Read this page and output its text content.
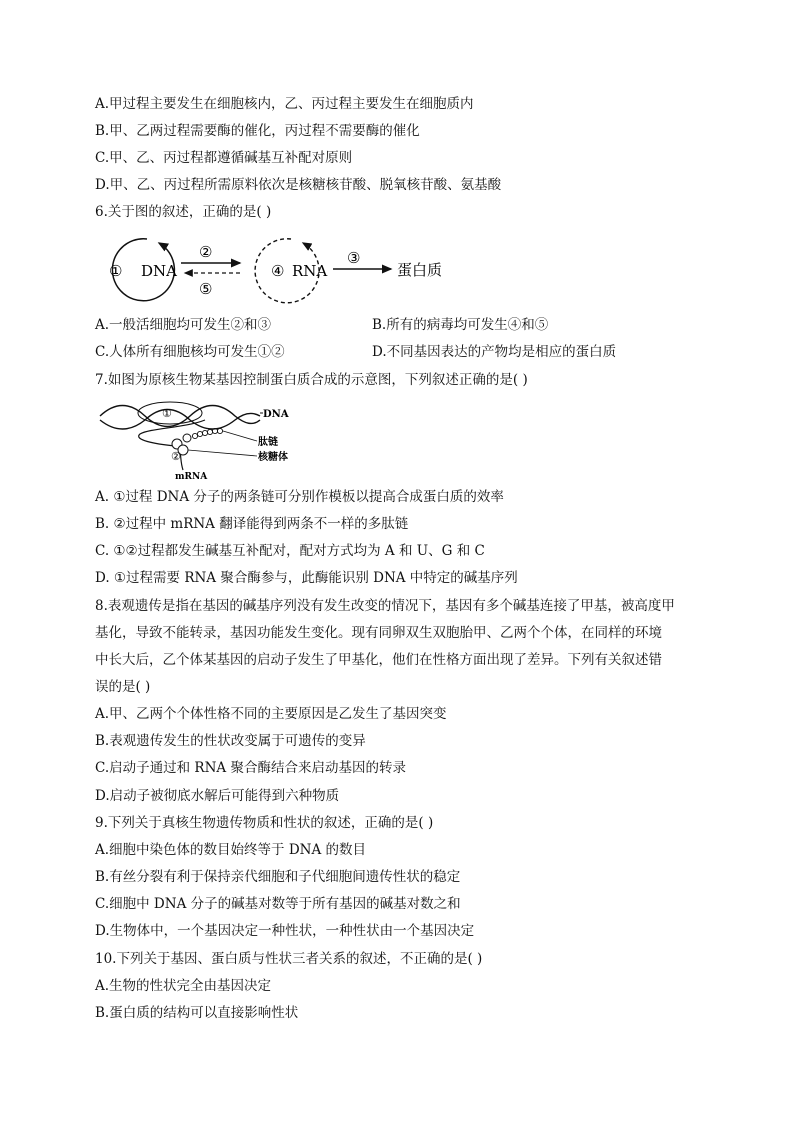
A.甲过程主要发生在细胞核内，乙、丙过程主要发生在细胞质内
B.甲、乙两过程需要酶的催化，丙过程不需要酶的催化
C.甲、乙、丙过程都遵循碱基互补配对原则
D.甲、乙、丙过程所需原料依次是核糖核苷酸、脱氧核苷酸、氨基酸
6.关于图的叙述，正确的是( )
① DNA
②
⑤
④ RNA
③
蛋白质
A.一般活细胞均可发生②和③	B.所有的病毒均可发生④和⑤
C.人体所有细胞核均可发生①②	D.不同基因表达的产物均是相应的蛋白质
7.如图为原核生物某基因控制蛋白质合成的示意图，下列叙述正确的是( )
①	DNA
肽链
核糖体
②
mRNA
A. ①过程 DNA 分子的两条链可分别作模板以提高合成蛋白质的效率
B. ②过程中 mRNA 翻译能得到两条不一样的多肽链
C. ①②过程都发生碱基互补配对，配对方式均为 A 和 U、G 和 C
D. ①过程需要 RNA 聚合酶参与，此酶能识别 DNA 中特定的碱基序列
8.表观遗传是指在基因的碱基序列没有发生改变的情况下，基因有多个碱基连接了甲基，被高度甲
基化，导致不能转录，基因功能发生变化。现有同卵双生双胞胎甲、乙两个个体，在同样的环境
中长大后，乙个体某基因的启动子发生了甲基化，他们在性格方面出现了差异。下列有关叙述错
误的是( )
A.甲、乙两个个体性格不同的主要原因是乙发生了基因突变
B.表观遗传发生的性状改变属于可遗传的变异
C.启动子通过和 RNA 聚合酶结合来启动基因的转录
D.启动子被彻底水解后可能得到六种物质
9.下列关于真核生物遗传物质和性状的叙述，正确的是( )
A.细胞中染色体的数目始终等于 DNA 的数目
B.有丝分裂有利于保持亲代细胞和子代细胞间遗传性状的稳定
C.细胞中 DNA 分子的碱基对数等于所有基因的碱基对数之和
D.生物体中，一个基因决定一种性状，一种性状由一个基因决定
10.下列关于基因、蛋白质与性状三者关系的叙述，不正确的是( )
A.生物的性状完全由基因决定
B.蛋白质的结构可以直接影响性状
